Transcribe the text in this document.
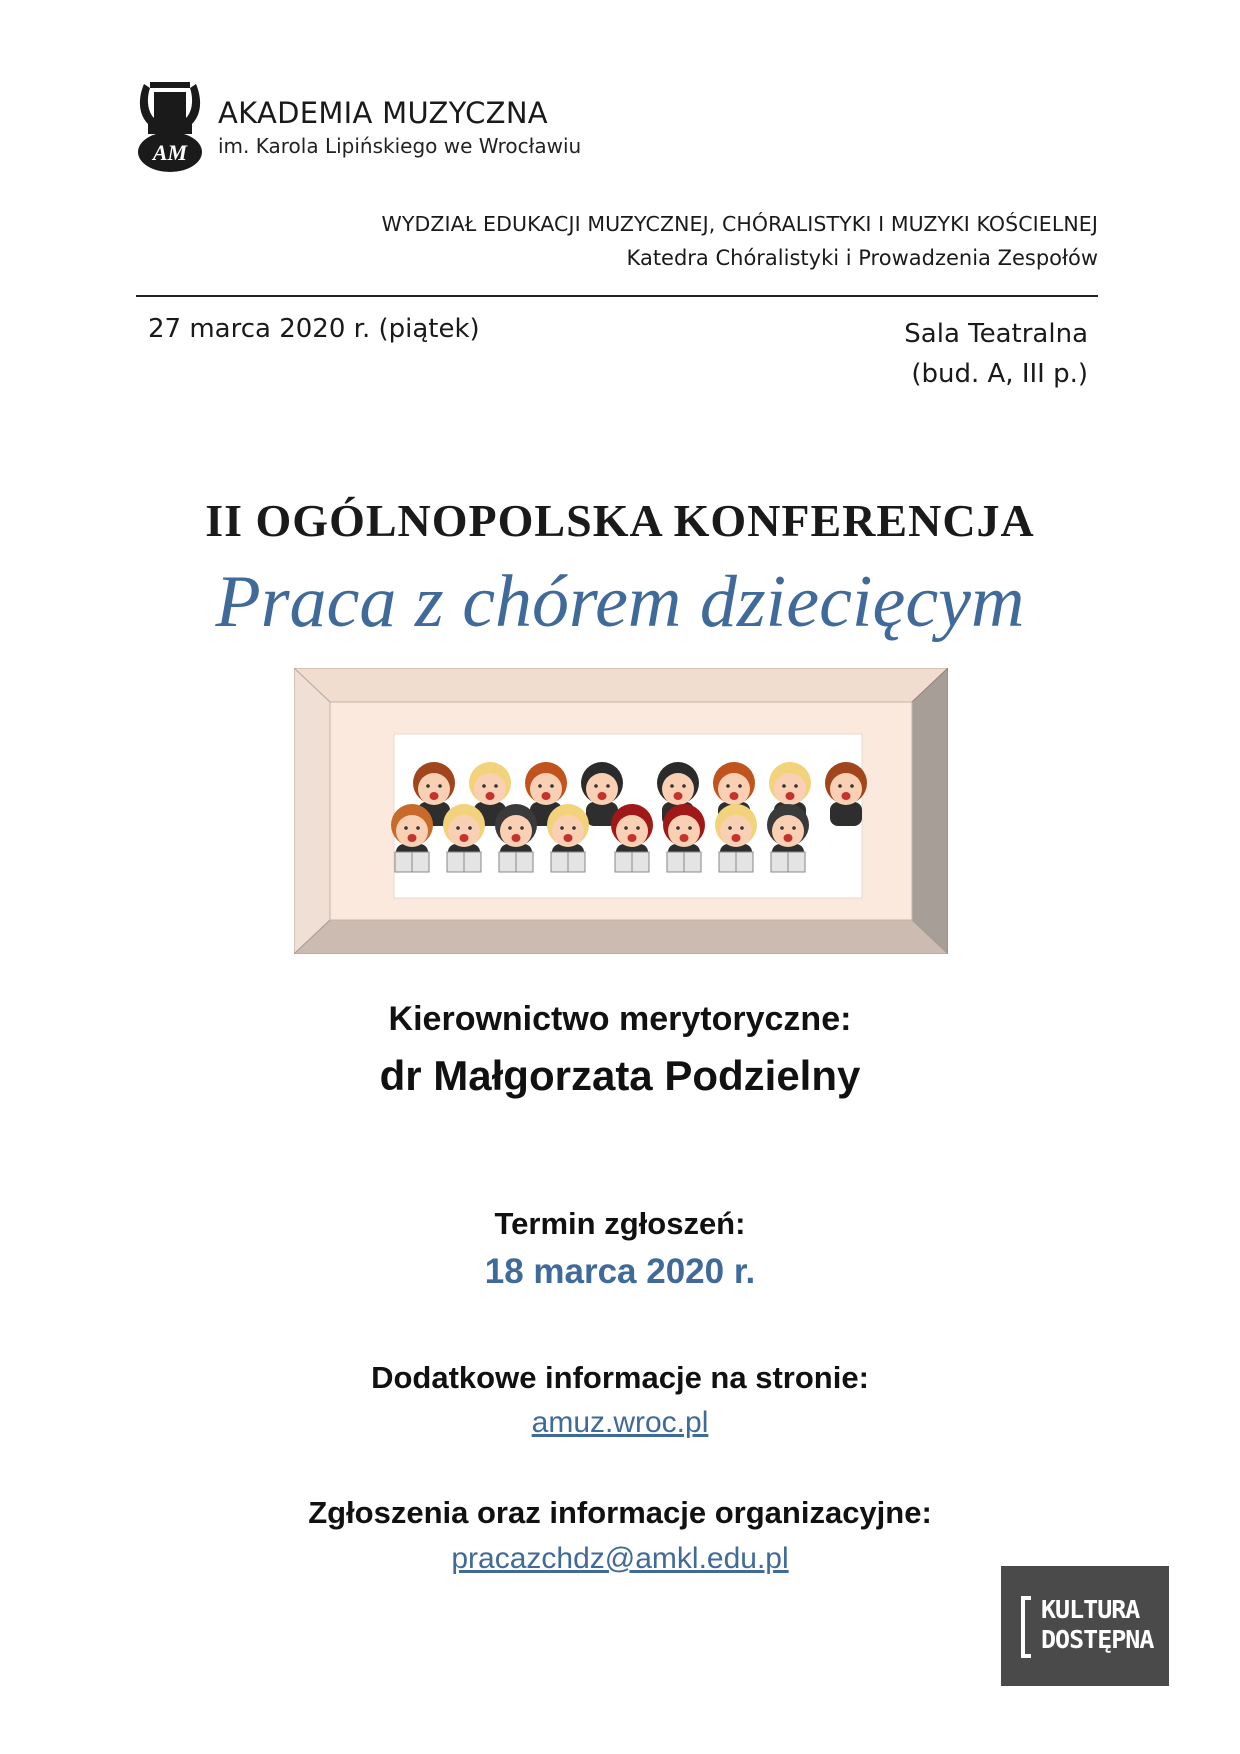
AM
AKADEMIA MUZYCZNA
im. Karola Lipińskiego we Wrocławiu
WYDZIAŁ EDUKACJI MUZYCZNEJ, CHÓRALISTYKI I MUZYKI KOŚCIELNEJ
Katedra Chóralistyki i Prowadzenia Zespołów
27 marca 2020 r. (piątek)	Sala Teatralna
(bud. A, III p.)
II OGÓLNOPOLSKA KONFERENCJA
Praca z chórem dziecięcym
Kierownictwo merytoryczne:
dr Małgorzata Podzielny
Termin zgłoszeń:
18 marca 2020 r.
Dodatkowe informacje na stronie:
amuz.wroc.pl
Zgłoszenia oraz informacje organizacyjne:
pracazchdz@amkl.edu.pl
KULTURA
DOSTĘPNA
